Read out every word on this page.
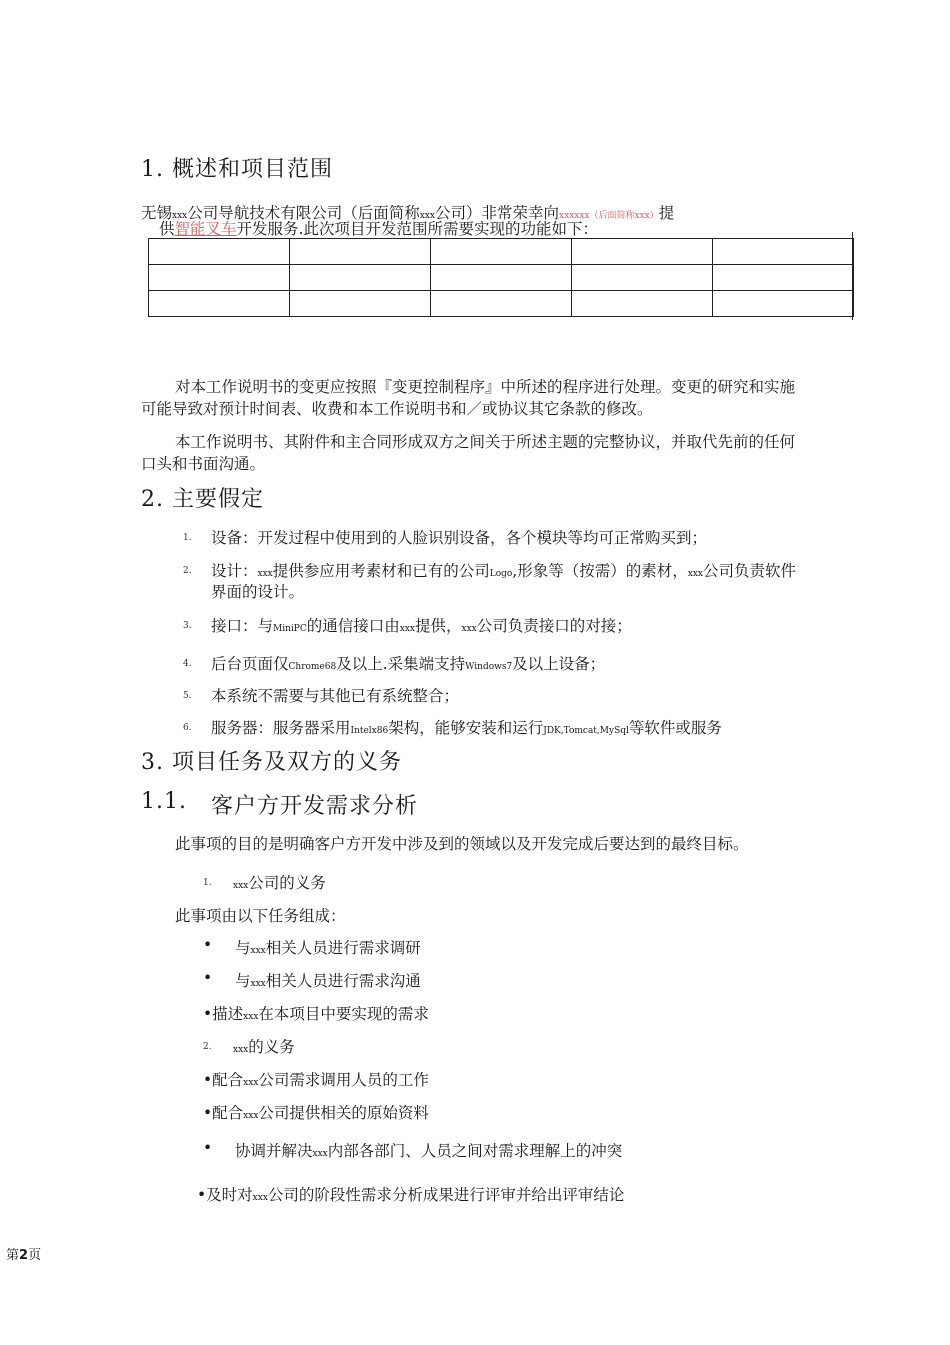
1. 概述和项目范围
无锡xxx公司导航技术有限公司（后面简称xxx公司）非常荣幸向xxxxxx（后面简称xxx）提
供智能叉车开发服务.此次项目开发范围所需要实现的功能如下：

对本工作说明书的变更应按照『变更控制程序』中所述的程序进行处理。变更的研究和实施
可能导致对预计时间表、收费和本工作说明书和／或协议其它条款的修改。
本工作说明书、其附件和主合同形成双方之间关于所述主题的完整协议，并取代先前的任何
口头和书面沟通。
2. 主要假定
1. 设备：开发过程中使用到的人脸识别设备，各个模块等均可正常购买到；
2. 设计：xxx提供参应用考素材和已有的公司Logo,形象等（按需）的素材，xxx公司负责软件
界面的设计。
3. 接口：与MiniPC的通信接口由xxx提供，xxx公司负责接口的对接；
4. 后台页面仅Chrome68及以上.采集端支持Windows7及以上设备；
5. 本系统不需要与其他已有系统整合；
6. 服务器：服务器采用Intelx86架构，能够安装和运行JDK,Tomcat,MySql等软件或服务
3. 项目任务及双方的义务
1.1. 客户方开发需求分析
此事项的目的是明确客户方开发中涉及到的领域以及开发完成后要达到的最终目标。
1. xxx公司的义务
此事项由以下任务组成：
• 与xxx相关人员进行需求调研
• 与xxx相关人员进行需求沟通
•描述xxx在本项目中要实现的需求
2. xxx的义务
•配合xxx公司需求调用人员的工作
•配合xxx公司提供相关的原始资料
• 协调并解决xxx内部各部门、人员之间对需求理解上的冲突
•及时对xxx公司的阶段性需求分析成果进行评审并给出评审结论
第2页
